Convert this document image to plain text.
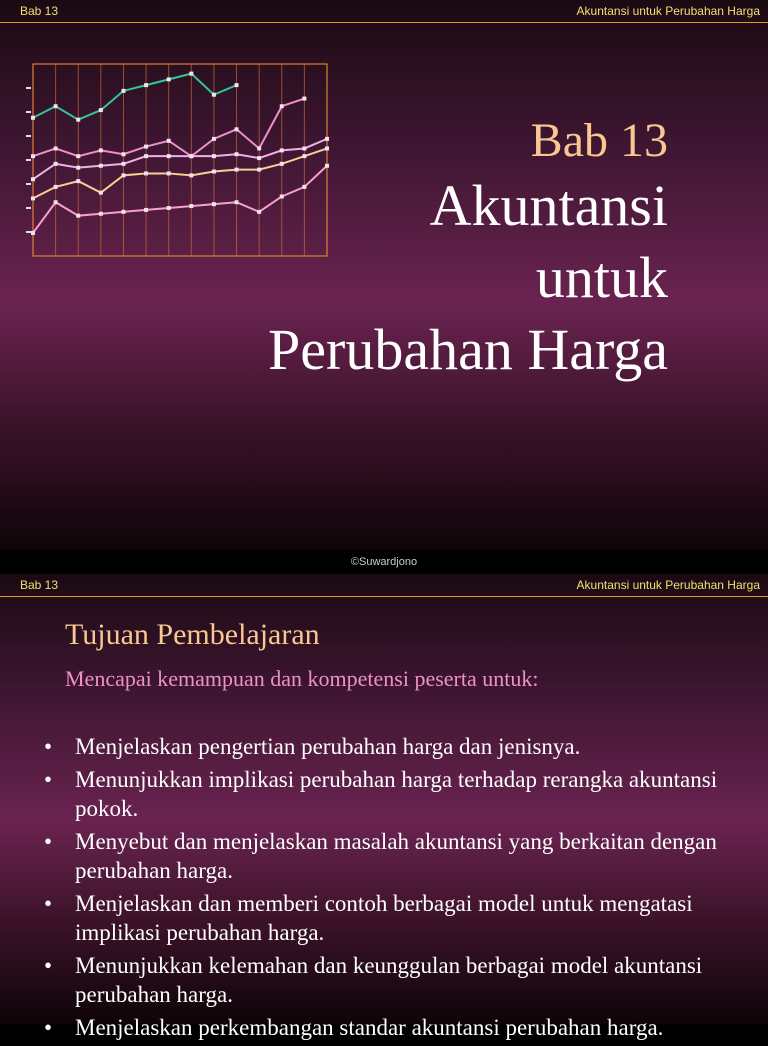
Bab 13	Akuntansi untuk Perubahan Harga
Bab 13
Akuntansi
untuk
Perubahan Harga
©Suwardjono
Bab 13	Akuntansi untuk Perubahan Harga
Tujuan Pembelajaran
Mencapai kemampuan dan kompetensi peserta untuk:
• Menjelaskan pengertian perubahan harga dan jenisnya.
• Menunjukkan implikasi perubahan harga terhadap rerangka akuntansi pokok.
• Menyebut dan menjelaskan masalah akuntansi yang berkaitan dengan perubahan harga.
• Menjelaskan dan memberi contoh berbagai model untuk mengatasi implikasi perubahan harga.
• Menunjukkan kelemahan dan keunggulan berbagai model akuntansi perubahan harga.
• Menjelaskan perkembangan standar akuntansi perubahan harga.
